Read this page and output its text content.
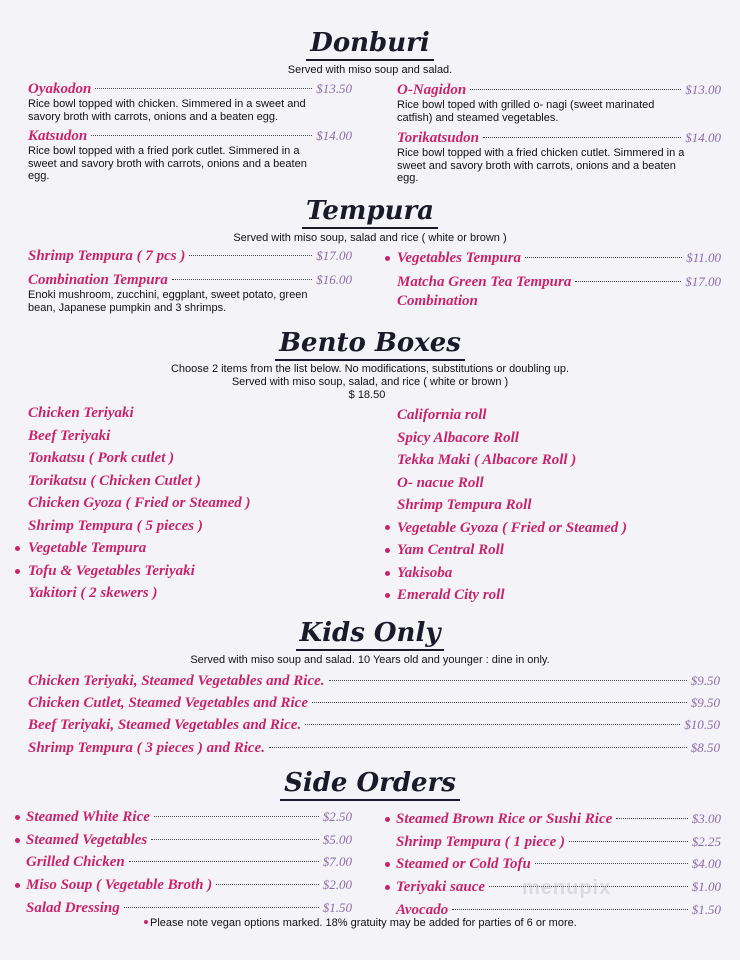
Donburi
Served with miso soup and salad.
Oyakodon	$13.50
Rice bowl topped with chicken. Simmered in a sweet and savory broth with carrots, onions and a beaten egg.
Katsudon	$14.00
Rice bowl topped with a fried pork cutlet. Simmered in a sweet and savory broth with carrots, onions and a beaten egg.
O-Nagidon	$13.00
Rice bowl toped with grilled o- nagi (sweet marinated catfish) and steamed vegetables.
Torikatsudon	$14.00
Rice bowl topped with a fried chicken cutlet. Simmered in a sweet and savory broth with carrots, onions and a beaten egg.
Tempura
Served with miso soup, salad and rice ( white or brown )
Shrimp Tempura ( 7 pcs )	$17.00
Combination Tempura	$16.00
Enoki mushroom, zucchini, eggplant, sweet potato, green bean, Japanese pumpkin and 3 shrimps.
Vegetables Tempura	$11.00
Matcha Green Tea Tempura	$17.00
Combination
Bento Boxes
Choose 2 items from the list below. No modifications, substitutions or doubling up.
Served with miso soup, salad, and rice ( white or brown )
$ 18.50
Chicken Teriyaki
Beef Teriyaki
Tonkatsu ( Pork cutlet )
Torikatsu ( Chicken Cutlet )
Chicken Gyoza ( Fried or Steamed )
Shrimp Tempura ( 5 pieces )
Vegetable Tempura
Tofu & Vegetables Teriyaki
Yakitori ( 2 skewers )
California roll
Spicy Albacore Roll
Tekka Maki ( Albacore Roll )
O- nacue Roll
Shrimp Tempura Roll
Vegetable Gyoza ( Fried or Steamed )
Yam Central Roll
Yakisoba
Emerald City roll
Kids Only
Served with miso soup and salad. 10 Years old and younger : dine in only.
Chicken Teriyaki, Steamed Vegetables and Rice.	$9.50
Chicken Cutlet, Steamed Vegetables and Rice	$9.50
Beef Teriyaki, Steamed Vegetables and Rice.	$10.50
Shrimp Tempura ( 3 pieces ) and Rice.	$8.50
Side Orders
Steamed White Rice	$2.50
Steamed Vegetables	$5.00
Grilled Chicken	$7.00
Miso Soup ( Vegetable Broth )	$2.00
Salad Dressing	$1.50
Steamed Brown Rice or Sushi Rice	$3.00
Shrimp Tempura ( 1 piece )	$2.25
Steamed or Cold Tofu	$4.00
Teriyaki sauce	$1.00
Avocado	$1.50
menupix
Please note vegan options marked. 18% gratuity may be added for parties of 6 or more.
